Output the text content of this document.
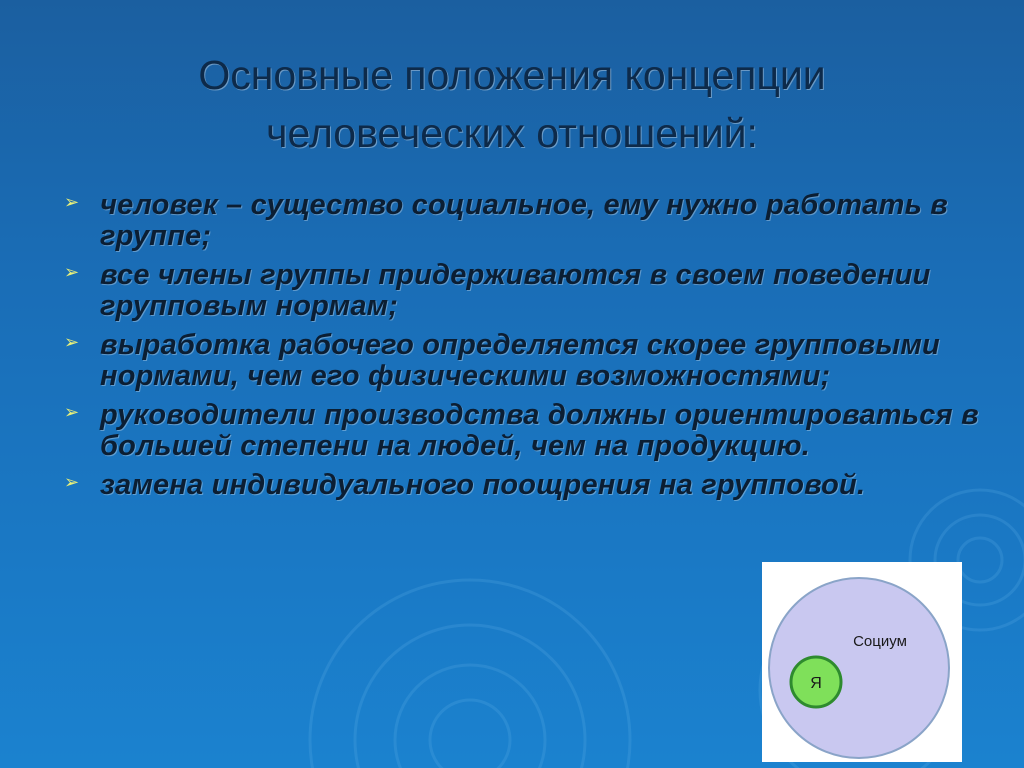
Основные положения концепции человеческих отношений:
➢ человек – существо социальное, ему нужно работать в группе;
➢ все члены группы придерживаются в своем поведении групповым нормам;
➢ выработка рабочего определяется скорее групповыми нормами, чем его физическими возможностями;
➢ руководители производства должны ориентироваться в большей степени на людей, чем на продукцию.
➢ замена индивидуального поощрения на групповой.
Социум
Я
